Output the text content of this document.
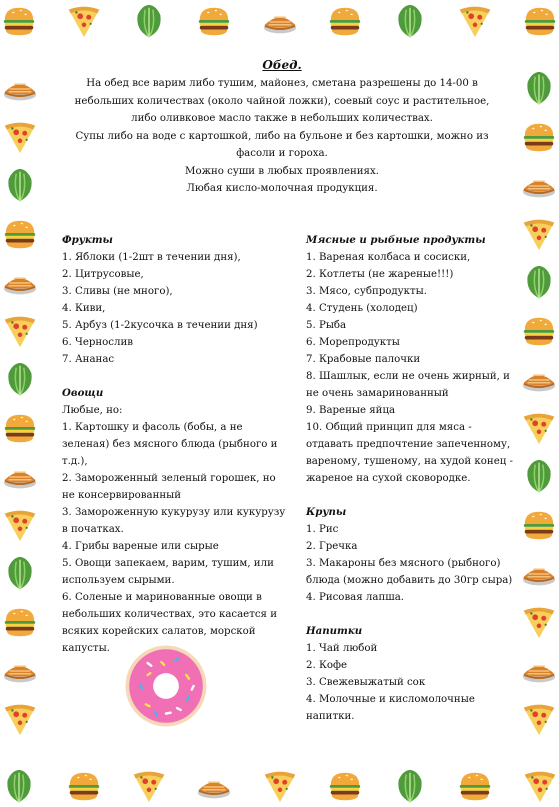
Обед.

На обед все варим либо тушим, майонез, сметана разрешены до 14-00 в небольших количествах (около чайной ложки), соевый соус и растительное, либо оливковое масло также в небольших количествах.

Супы либо на воде с картошкой, либо на бульоне и без картошки, можно из фасоли и гороха.

Можно суши в любых проявлениях.

Любая кисло-молочная продукция.

Фрукты
1. Яблоки (1-2шт в течении дня),
2. Цитрусовые,
3. Сливы (не много),
4. Киви,
5. Арбуз (1-2кусочка в течении дня)
6. Чернослив
7. Ананас
Овощи
Любые, но:
1. Картошку и фасоль (бобы, а не зеленая) без мясного блюда (рыбного и т.д.),
2. Замороженный зеленый горошек, но не консервированный
3. Замороженную кукурузу или кукурузу в початках.
4. Грибы вареные или сырые
5. Овощи запекаем, варим, тушим, или используем сырыми.
6. Соленые и маринованные овощи в небольших количествах, это касается и всяких корейских салатов, морской капусты.
Мясные и рыбные продукты
1. Вареная колбаса и сосиски,
2. Котлеты (не жареные!!!)
3. Мясо, субпродукты.
4. Студень (холодец)
5. Рыба
6. Морепродукты
7. Крабовые палочки
8. Шашлык, если не очень жирный, и не очень замаринованный
9. Вареные яйца
10. Общий принцип для мяса - отдавать предпочтение запеченному, вареному, тушеному, на худой конец - жареное на сухой сковородке.
Крупы
1. Рис
2. Гречка
3. Макароны без мясного (рыбного) блюда (можно добавить до 30гр сыра)
4. Рисовая лапша.
Напитки
1. Чай любой
2. Кофе
3. Свежевыжатый сок
4. Молочные и кисломолочные напитки.
